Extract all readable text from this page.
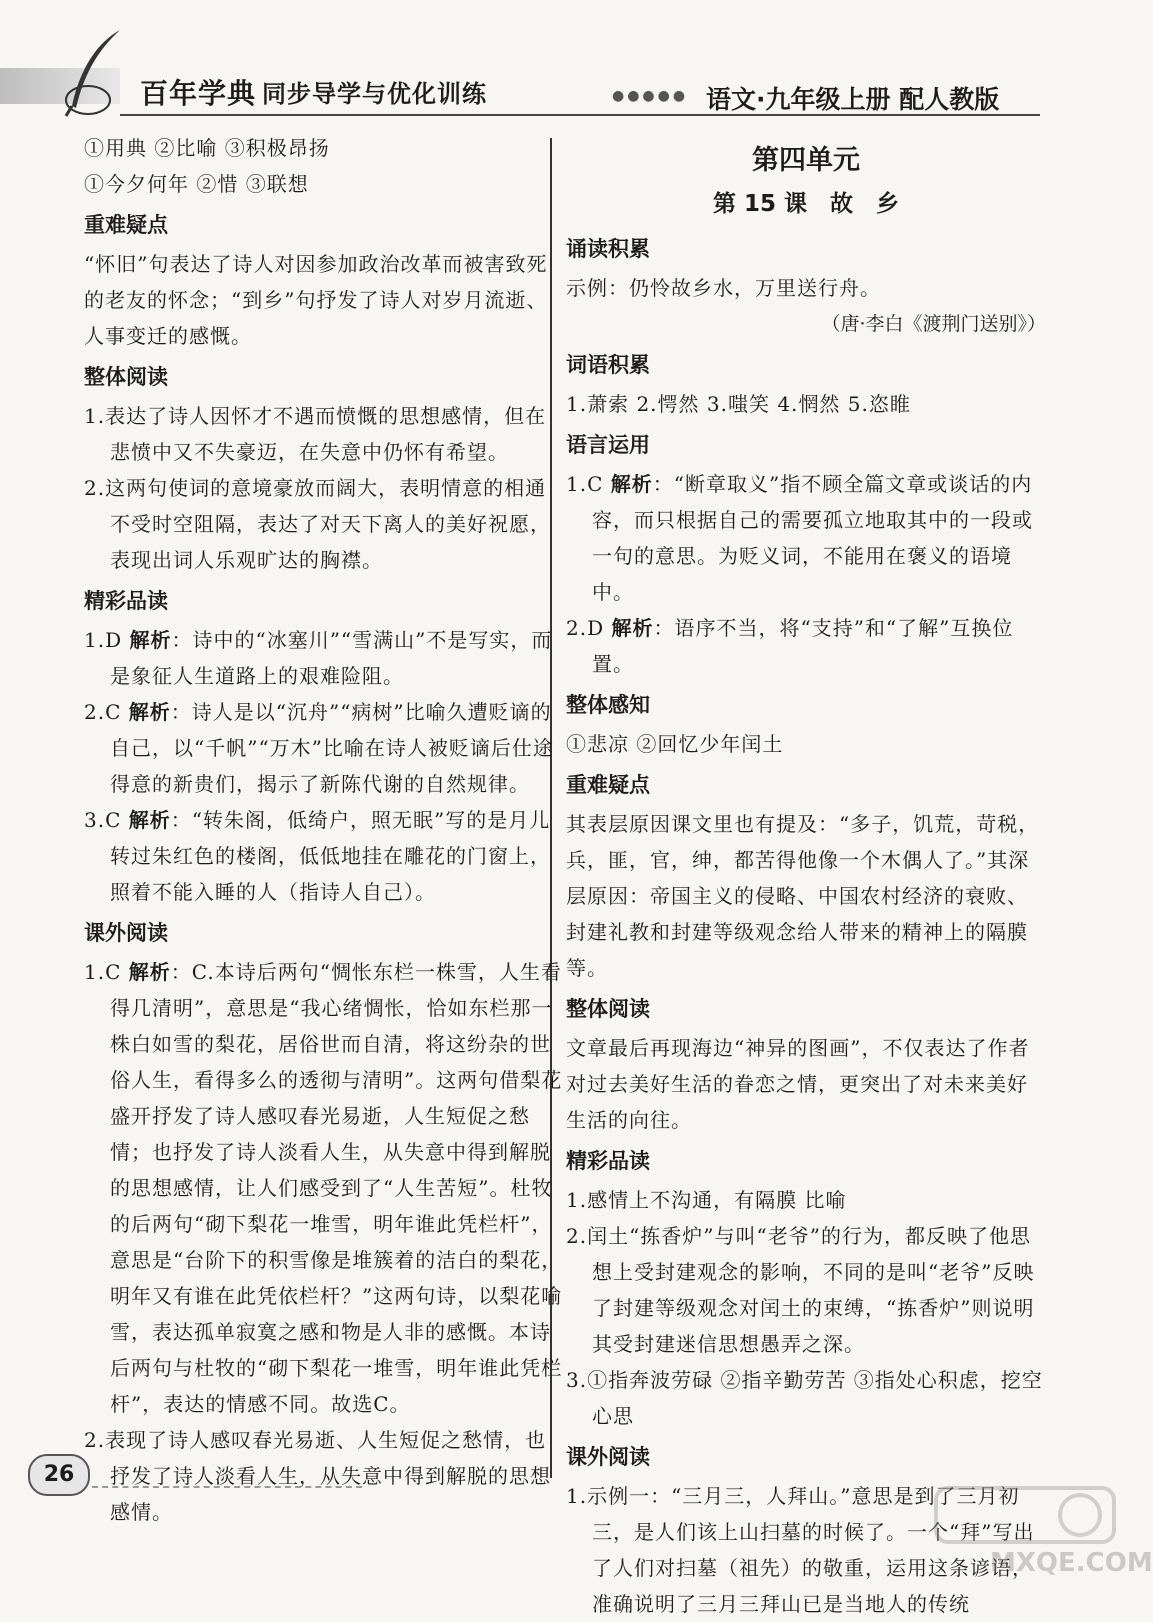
百年学典 同步导学与优化训练	●●●●● 语文·九年级上册 配人教版
①用典 ②比喻 ③积极昂扬
①今夕何年 ②惜 ③联想
重难疑点
“怀旧”句表达了诗人对因参加政治改革而被害致死的老友的怀念；“到乡”句抒发了诗人对岁月流逝、人事变迁的感慨。
整体阅读
1.表达了诗人因怀才不遇而愤慨的思想感情，但在悲愤中又不失豪迈，在失意中仍怀有希望。
2.这两句使词的意境豪放而阔大，表明情意的相通不受时空阻隔，表达了对天下离人的美好祝愿，表现出词人乐观旷达的胸襟。
精彩品读
1.D 解析：诗中的“冰塞川”“雪满山”不是写实，而是象征人生道路上的艰难险阻。
2.C 解析：诗人是以“沉舟”“病树”比喻久遭贬谪的自己，以“千帆”“万木”比喻在诗人被贬谪后仕途得意的新贵们，揭示了新陈代谢的自然规律。
3.C 解析：“转朱阁，低绮户，照无眠”写的是月儿转过朱红色的楼阁，低低地挂在雕花的门窗上，照着不能入睡的人（指诗人自己）。
课外阅读
1.C 解析：C.本诗后两句“惆怅东栏一株雪，人生看得几清明”，意思是“我心绪惆怅，恰如东栏那一株白如雪的梨花，居俗世而自清，将这纷杂的世俗人生，看得多么的透彻与清明”。这两句借梨花盛开抒发了诗人感叹春光易逝，人生短促之愁情；也抒发了诗人淡看人生，从失意中得到解脱的思想感情，让人们感受到了“人生苦短”。杜牧的后两句“砌下梨花一堆雪，明年谁此凭栏杆”，意思是“台阶下的积雪像是堆簇着的洁白的梨花，明年又有谁在此凭依栏杆？”这两句诗，以梨花喻雪，表达孤单寂寞之感和物是人非的感慨。本诗后两句与杜牧的“砌下梨花一堆雪，明年谁此凭栏杆”，表达的情感不同。故选C。
2.表现了诗人感叹春光易逝、人生短促之愁情，也抒发了诗人淡看人生，从失意中得到解脱的思想感情。
第四单元
第 15 课　故　乡
诵读积累
示例：仍怜故乡水，万里送行舟。
（唐·李白《渡荆门送别》）
词语积累
1.萧索 2.愕然 3.嗤笑 4.惘然 5.恣睢
语言运用
1.C 解析：“断章取义”指不顾全篇文章或谈话的内容，而只根据自己的需要孤立地取其中的一段或一句的意思。为贬义词，不能用在褒义的语境中。
2.D 解析：语序不当，将“支持”和“了解”互换位置。
整体感知
①悲凉 ②回忆少年闰土
重难疑点
其表层原因课文里也有提及：“多子，饥荒，苛税，兵，匪，官，绅，都苦得他像一个木偶人了。”其深层原因：帝国主义的侵略、中国农村经济的衰败、封建礼教和封建等级观念给人带来的精神上的隔膜等。
整体阅读
文章最后再现海边“神异的图画”，不仅表达了作者对过去美好生活的眷恋之情，更突出了对未来美好生活的向往。
精彩品读
1.感情上不沟通，有隔膜 比喻
2.闰土“拣香炉”与叫“老爷”的行为，都反映了他思想上受封建观念的影响，不同的是叫“老爷”反映了封建等级观念对闰土的束缚，“拣香炉”则说明其受封建迷信思想愚弄之深。
3.①指奔波劳碌 ②指辛勤劳苦 ③指处心积虑，挖空心思
课外阅读
1.示例一：“三月三，人拜山。”意思是到了三月初三，是人们该上山扫墓的时候了。一个“拜”写出了人们对扫墓（祖先）的敬重，运用这条谚语，准确说明了三月三拜山已是当地人的传统
26
MXQE.COM
